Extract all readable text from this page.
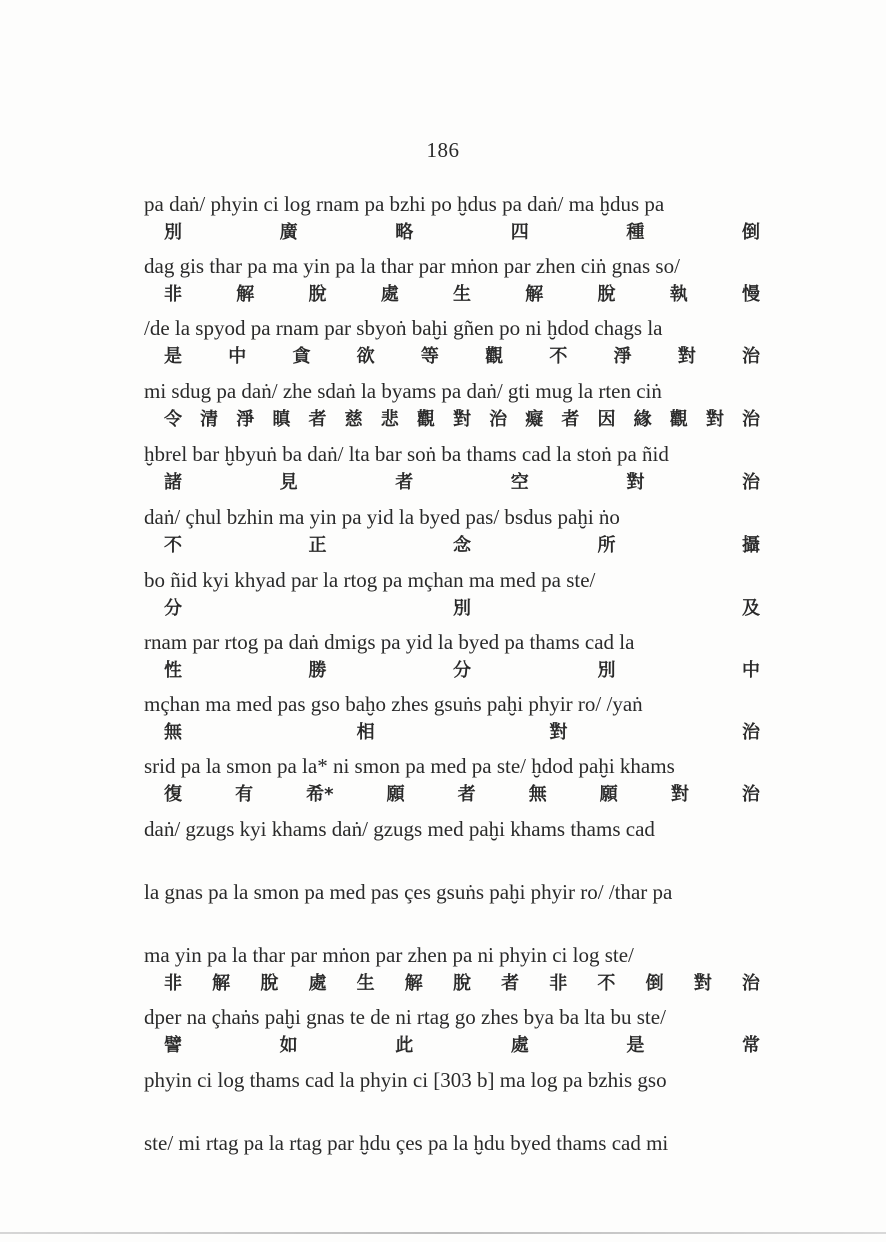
186
pa daṅ/ phyin ci log rnam pa bzhi po ḫdus pa daṅ/ ma ḫdus pa
別	廣	略	四	種	倒
dag gis thar pa ma yin pa la thar par mṅon par zhen ciṅ gnas so/
非	解	脫	處	生	解	脫	執	慢
/de la spyod pa rnam par sbyoṅ baḫi gñen po ni ḫdod chags la
是	中	貪	欲	等	觀	不	淨	對	治
mi sdug pa daṅ/ zhe sdaṅ la byams pa daṅ/ gti mug la rten ciṅ
令 清 淨 瞋 者 慈 悲 觀 對 治 癡 者 因 緣 觀 對 治
ḫbrel bar ḫbyuṅ ba daṅ/ lta bar soṅ ba thams cad la stoṅ pa ñid
諸	見	者	空	對	治
daṅ/ çhul bzhin ma yin pa yid la byed pas/ bsdus paḫi ṅo
不	正	念	所	攝
bo ñid kyi khyad par la rtog pa mçhan ma med pa ste/
分	別	及
rnam par rtog pa daṅ dmigs pa yid la byed pa thams cad la
性	勝	分	別	中
mçhan ma med pas gso baḫo zhes gsuṅs paḫi phyir ro/ /yaṅ
無	相	對	治
srid pa la smon pa la* ni smon pa med pa ste/ ḫdod paḫi khams
復	有	希*	願	者	無	願	對	治
daṅ/ gzugs kyi khams daṅ/ gzugs med paḫi khams thams cad
la gnas pa la smon pa med pas çes gsuṅs paḫi phyir ro/ /thar pa
ma yin pa la thar par mṅon par zhen pa ni phyin ci log ste/
非 解 脫 處 生 解 脫 者 非 不 倒 對 治
dper na çhaṅs paḫi gnas te de ni rtag go zhes bya ba lta bu ste/
譬	如	此	處	是	常
phyin ci log thams cad la phyin ci [303 b] ma log pa bzhis gso
ste/ mi rtag pa la rtag par ḫdu çes pa la ḫdu byed thams cad mi
